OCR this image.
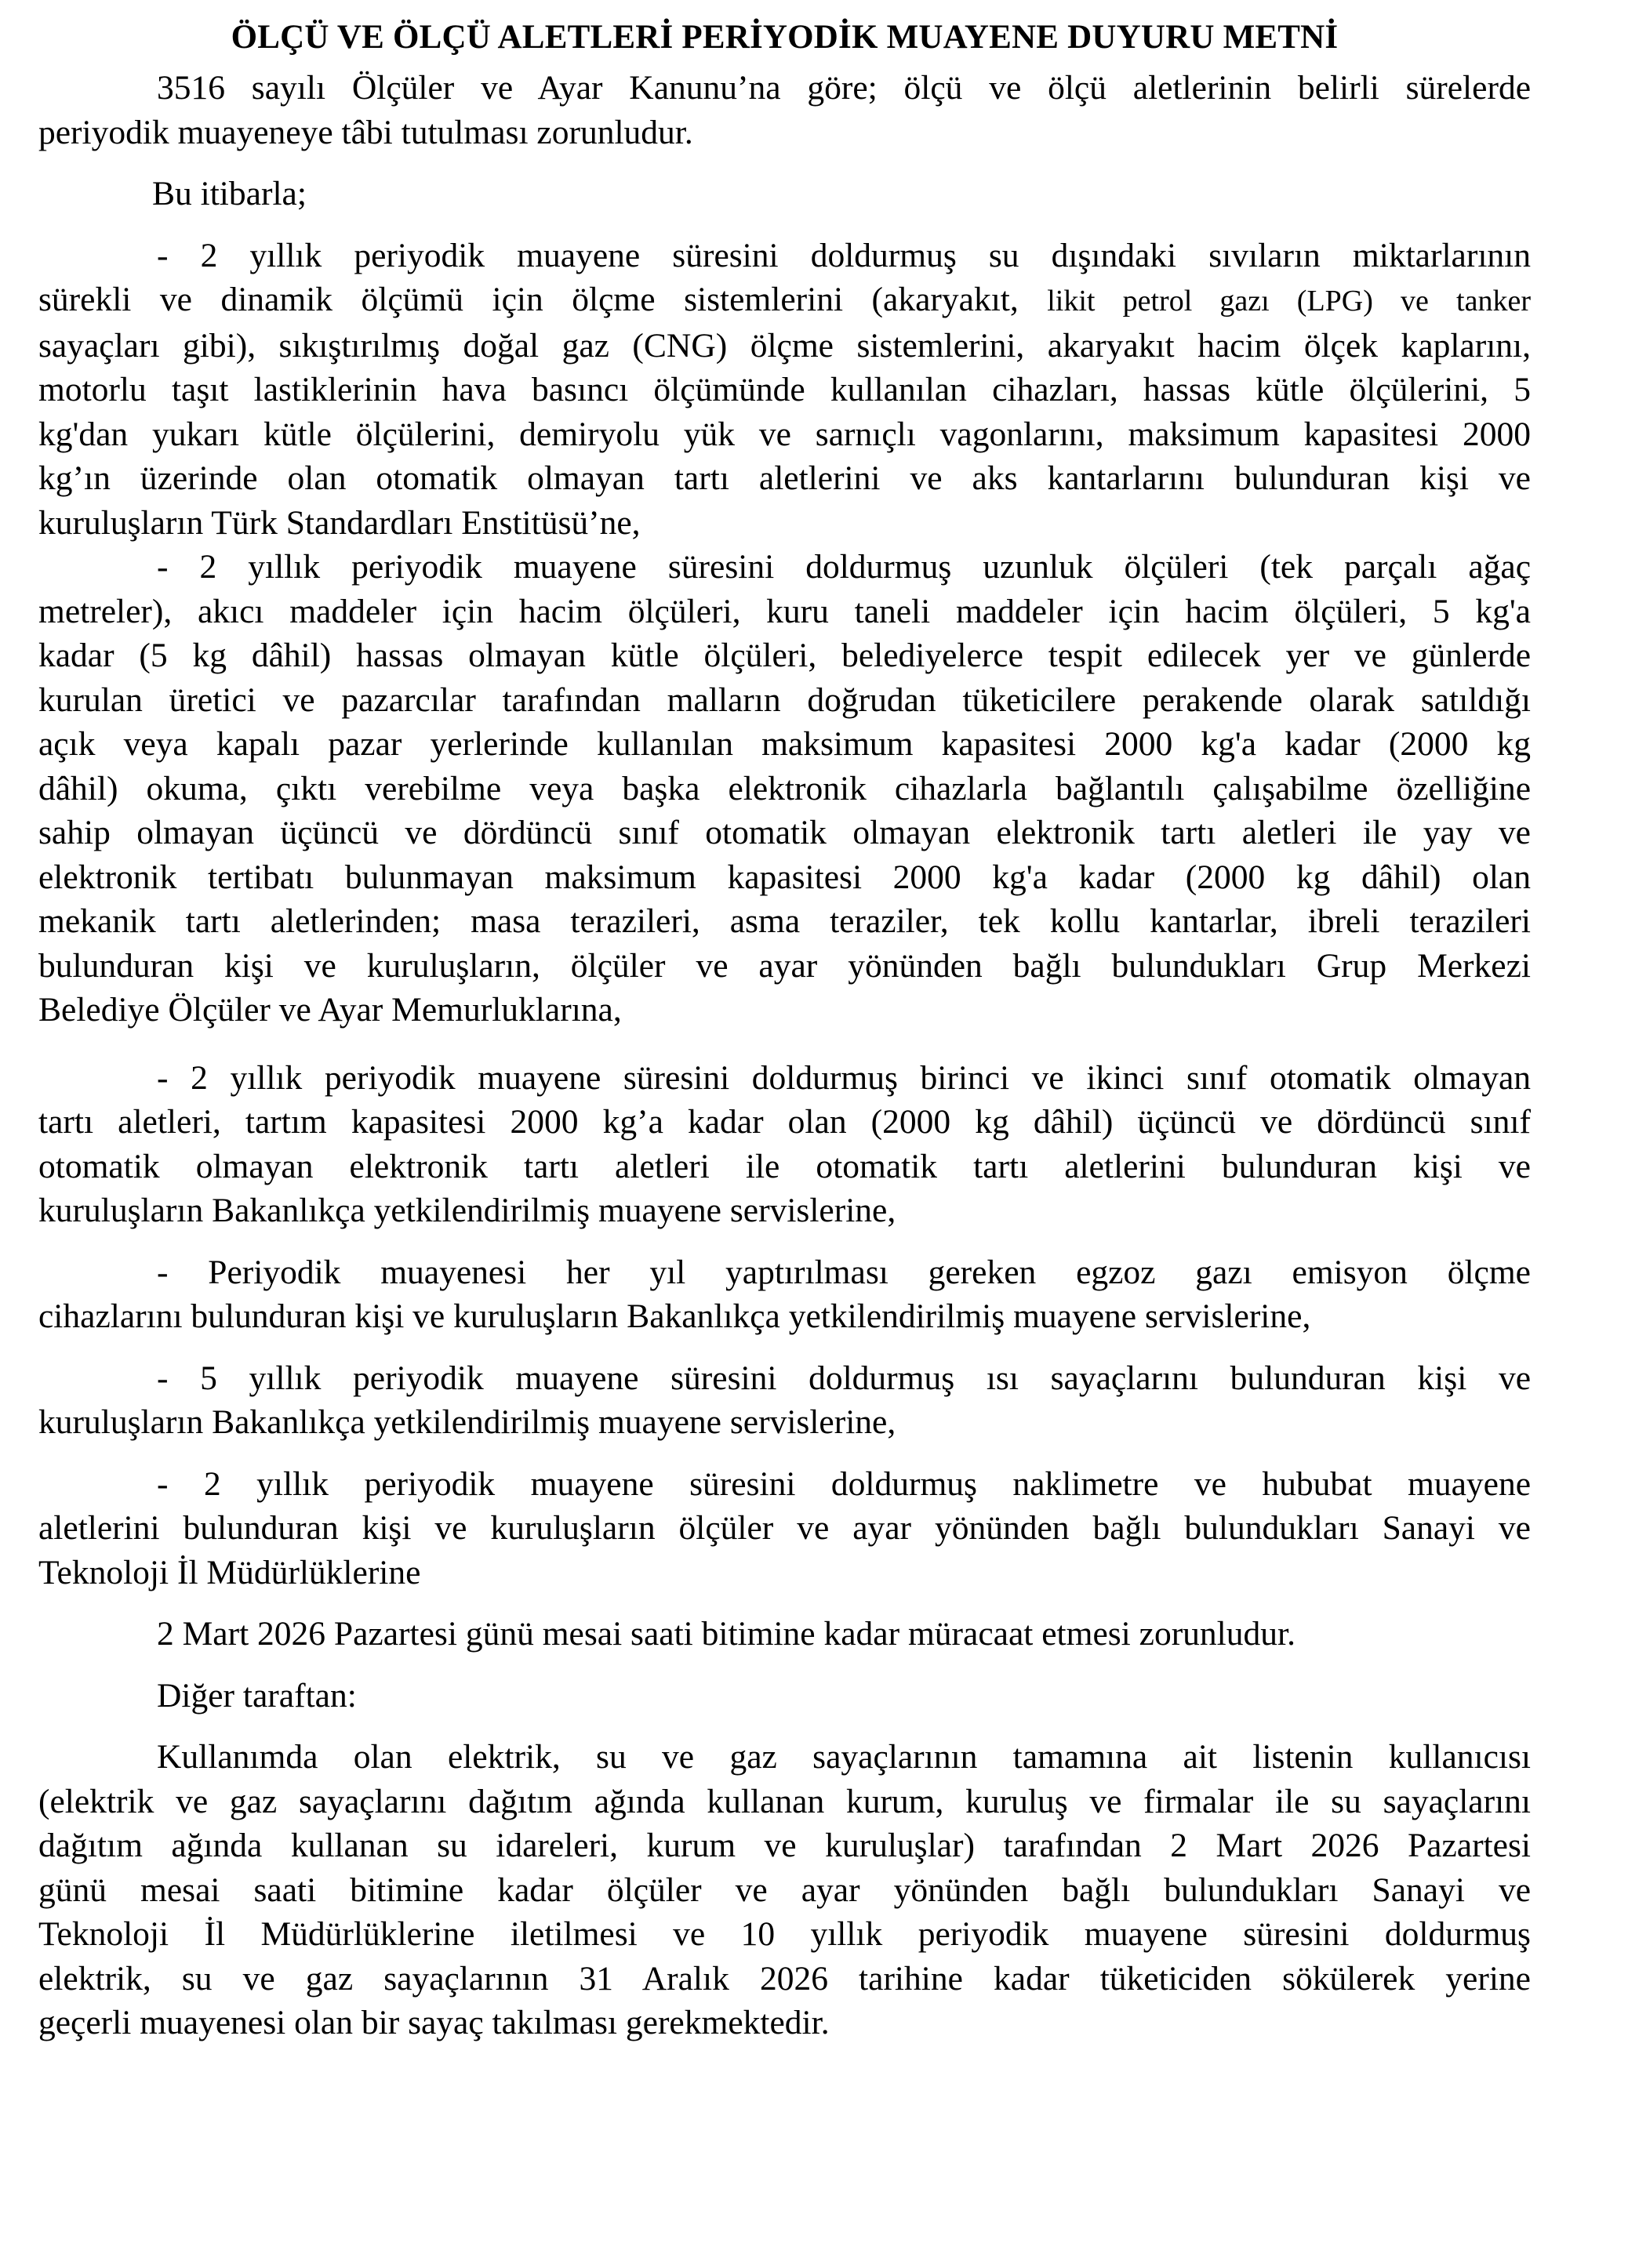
ÖLÇÜ VE ÖLÇÜ ALETLERİ PERİYODİK MUAYENE DUYURU METNİ
3516 sayılı Ölçüler ve Ayar Kanunu’na göre; ölçü ve ölçü aletlerinin belirli sürelerde
periyodik muayeneye tâbi tutulması zorunludur.
Bu itibarla;
- 2 yıllık periyodik muayene süresini doldurmuş su dışındaki sıvıların miktarlarının
sürekli ve dinamik ölçümü için ölçme sistemlerini (akaryakıt, likit petrol gazı (LPG) ve tanker
sayaçları gibi), sıkıştırılmış doğal gaz (CNG) ölçme sistemlerini, akaryakıt hacim ölçek kaplarını,
motorlu taşıt lastiklerinin hava basıncı ölçümünde kullanılan cihazları, hassas kütle ölçülerini, 5
kg'dan yukarı kütle ölçülerini, demiryolu yük ve sarnıçlı vagonlarını, maksimum kapasitesi 2000
kg’ın üzerinde olan otomatik olmayan tartı aletlerini ve aks kantarlarını bulunduran kişi ve
kuruluşların Türk Standardları Enstitüsü’ne,
- 2 yıllık periyodik muayene süresini doldurmuş uzunluk ölçüleri (tek parçalı ağaç
metreler), akıcı maddeler için hacim ölçüleri, kuru taneli maddeler için hacim ölçüleri, 5 kg'a
kadar (5 kg dâhil) hassas olmayan kütle ölçüleri, belediyelerce tespit edilecek yer ve günlerde
kurulan üretici ve pazarcılar tarafından malların doğrudan tüketicilere perakende olarak satıldığı
açık veya kapalı pazar yerlerinde kullanılan maksimum kapasitesi 2000 kg'a kadar (2000 kg
dâhil) okuma, çıktı verebilme veya başka elektronik cihazlarla bağlantılı çalışabilme özelliğine
sahip olmayan üçüncü ve dördüncü sınıf otomatik olmayan elektronik tartı aletleri ile yay ve
elektronik tertibatı bulunmayan maksimum kapasitesi 2000 kg'a kadar (2000 kg dâhil) olan
mekanik tartı aletlerinden; masa terazileri, asma teraziler, tek kollu kantarlar, ibreli terazileri
bulunduran kişi ve kuruluşların, ölçüler ve ayar yönünden bağlı bulundukları Grup Merkezi
Belediye Ölçüler ve Ayar Memurluklarına,
- 2 yıllık periyodik muayene süresini doldurmuş birinci ve ikinci sınıf otomatik olmayan
tartı aletleri, tartım kapasitesi 2000 kg’a kadar olan (2000 kg dâhil) üçüncü ve dördüncü sınıf
otomatik olmayan elektronik tartı aletleri ile otomatik tartı aletlerini bulunduran kişi ve
kuruluşların Bakanlıkça yetkilendirilmiş muayene servislerine,
- Periyodik muayenesi her yıl yaptırılması gereken egzoz gazı emisyon ölçme
cihazlarını bulunduran kişi ve kuruluşların Bakanlıkça yetkilendirilmiş muayene servislerine,
- 5 yıllık periyodik muayene süresini doldurmuş ısı sayaçlarını bulunduran kişi ve
kuruluşların Bakanlıkça yetkilendirilmiş muayene servislerine,
- 2 yıllık periyodik muayene süresini doldurmuş naklimetre ve hububat muayene
aletlerini bulunduran kişi ve kuruluşların ölçüler ve ayar yönünden bağlı bulundukları Sanayi ve
Teknoloji İl Müdürlüklerine
2 Mart 2026 Pazartesi günü mesai saati bitimine kadar müracaat etmesi zorunludur.
Diğer taraftan:
Kullanımda olan elektrik, su ve gaz sayaçlarının tamamına ait listenin kullanıcısı
(elektrik ve gaz sayaçlarını dağıtım ağında kullanan kurum, kuruluş ve firmalar ile su sayaçlarını
dağıtım ağında kullanan su idareleri, kurum ve kuruluşlar) tarafından 2 Mart 2026 Pazartesi
günü mesai saati bitimine kadar ölçüler ve ayar yönünden bağlı bulundukları Sanayi ve
Teknoloji İl Müdürlüklerine iletilmesi ve 10 yıllık periyodik muayene süresini doldurmuş
elektrik, su ve gaz sayaçlarının 31 Aralık 2026 tarihine kadar tüketiciden sökülerek yerine
geçerli muayenesi olan bir sayaç takılması gerekmektedir.
